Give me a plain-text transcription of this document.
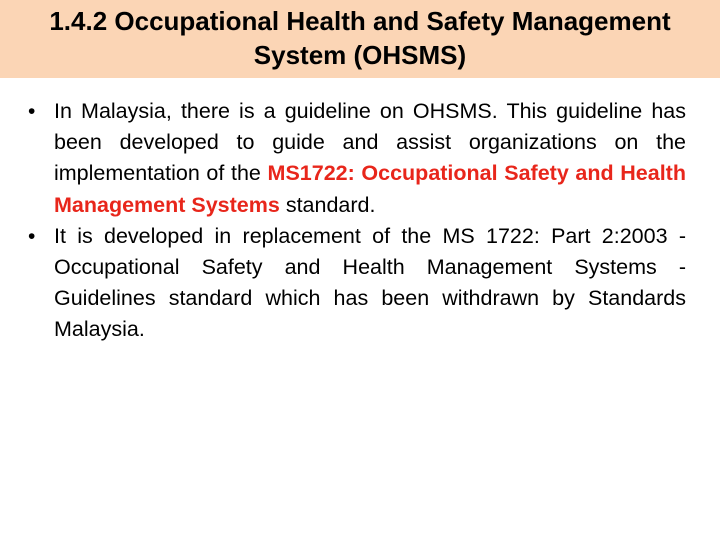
1.4.2 Occupational Health and Safety Management
System (OHSMS)
• In Malaysia, there is a guideline on OHSMS. This guideline has been developed to guide and assist organizations on the implementation of the MS1722: Occupational Safety and Health Management Systems standard.
• It is developed in replacement of the MS 1722: Part 2:2003 - Occupational Safety and Health Management Systems - Guidelines standard which has been withdrawn by Standards Malaysia.
